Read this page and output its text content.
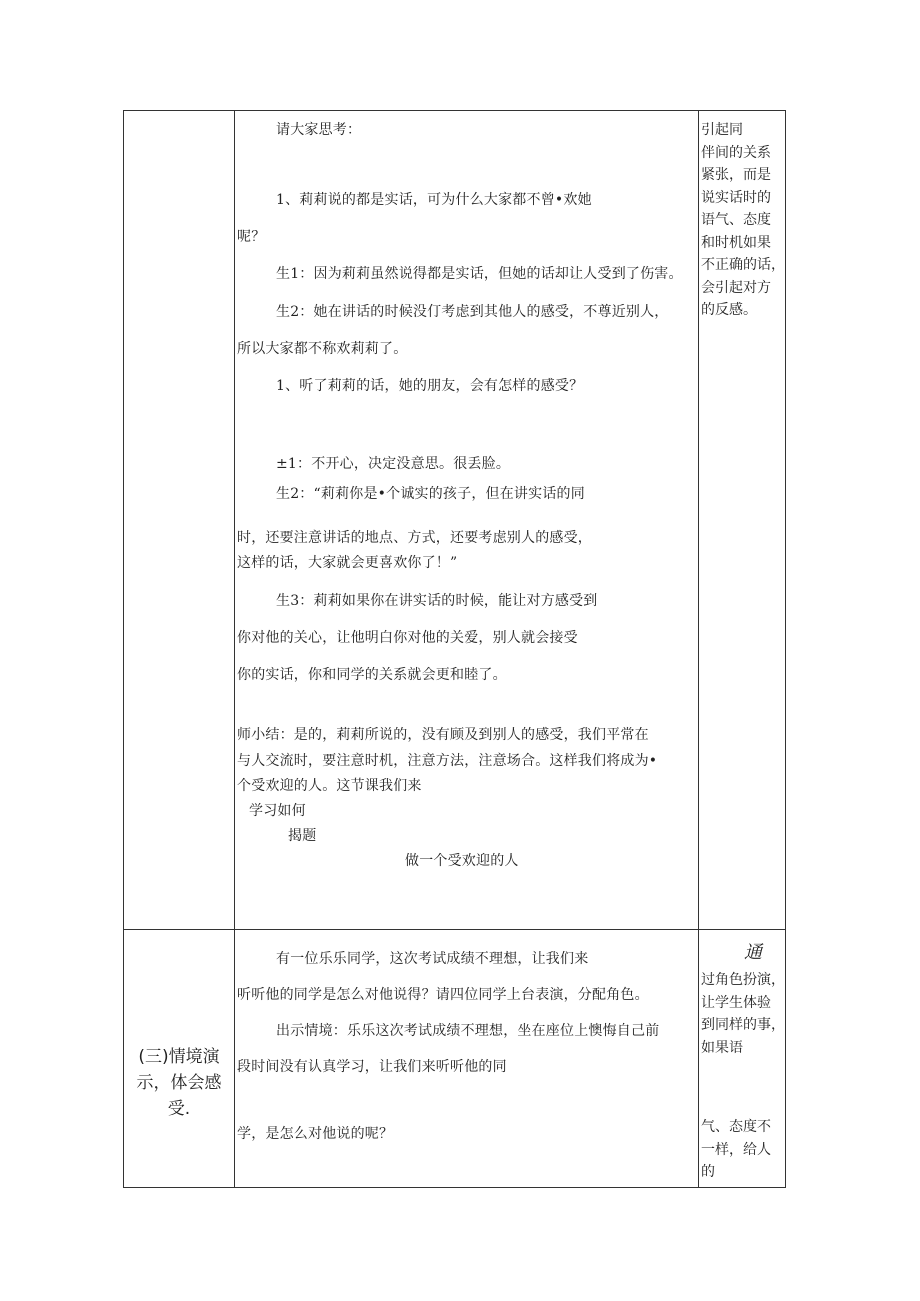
请大家思考：
1、莉莉说的都是实话，可为什么大家都不曾•欢她
呢？
生1：因为莉莉虽然说得都是实话，但她的话却让人受到了伤害。
生2：她在讲话的时候没仃考虑到其他人的感受，不尊近别人，
所以大家都不称欢莉莉了。
1、听了莉莉的话，她的朋友，会有怎样的感受？
±1：不开心，决定没意思。很丢脸。
生2：“莉莉你是•个诚实的孩子，但在讲实话的同
时，还要注意讲话的地点、方式，还要考虑别人的感受，
这样的话，大家就会更喜欢你了！”
生3：莉莉如果你在讲实话的时候，能让对方感受到
你对他的关心，让他明白你对他的关爱，别人就会接受
你的实话，你和同学的关系就会更和睦了。
师小结：是的，莉莉所说的，没有顾及到别人的感受，我们平常在
与人交流时，要注意时机，注意方法，注意场合。这样我们将成为•
个受欢迎的人。这节课我们来
学习如何
揭题
做一个受欢迎的人
引起同
伴间的关系
紧张，而是
说实话时的
语气、态度
和时机如果
不正确的话，
会引起对方
的反感。
(三)情境演
示，体会感
受.
有一位乐乐同学，这次考试成绩不理想，让我们来
听听他的同学是怎么对他说得？请四位同学上台表演，分配角色。
出示情境：乐乐这次考试成绩不理想，坐在座位上懊悔自己前
段时间没有认真学习，让我们来听听他的同
学，是怎么对他说的呢？
通
过角色扮演，
让学生体验
到同样的事，
如果语
气、态度不
一样，给人
的
